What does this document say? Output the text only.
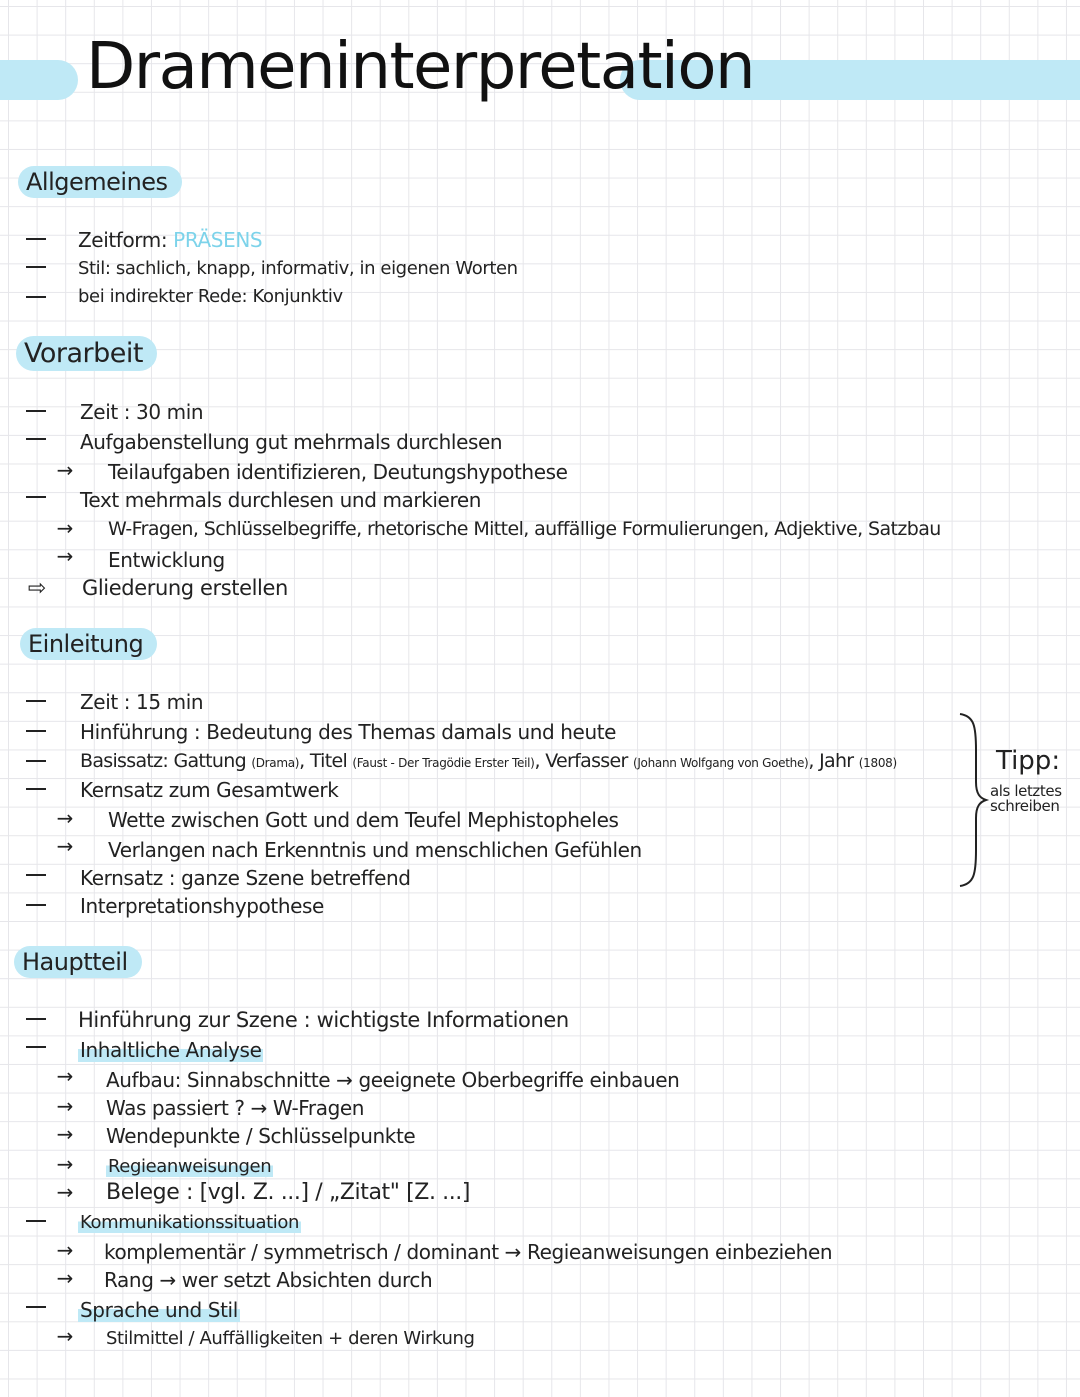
Drameninterpretation
Allgemeines
Zeitform: PRÄSENS
Stil: sachlich, knapp, informativ, in eigenen Worten
bei indirekter Rede: Konjunktiv
Vorarbeit
Zeit : 30 min
Aufgabenstellung gut mehrmals durchlesen
→	Teilaufgaben identifizieren, Deutungshypothese
Text mehrmals durchlesen und markieren
→	W-Fragen, Schlüsselbegriffe, rhetorische Mittel, auffällige Formulierungen, Adjektive, Satzbau
→	Entwicklung
⇨ Gliederung erstellen
Einleitung
Zeit : 15 min
Hinführung : Bedeutung des Themas damals und heute
Basissatz: Gattung (Drama), Titel (Faust - Der Tragödie Erster Teil), Verfasser (Johann Wolfgang von Goethe), Jahr (1808)
Kernsatz zum Gesamtwerk
→	Wette zwischen Gott und dem Teufel Mephistopheles
→	Verlangen nach Erkenntnis und menschlichen Gefühlen
Kernsatz : ganze Szene betreffend
Interpretationshypothese
Tipp:
als letztes schreiben
Hauptteil
Hinführung zur Szene : wichtigste Informationen
Inhaltliche Analyse
→	Aufbau: Sinnabschnitte → geeignete Oberbegriffe einbauen
→	Was passiert ? → W-Fragen
→	Wendepunkte / Schlüsselpunkte
→	Regieanweisungen
→	Belege : [vgl. Z. ...] / „Zitat" [Z. ...]
Kommunikationssituation
→	komplementär / symmetrisch / dominant → Regieanweisungen einbeziehen
→	Rang → wer setzt Absichten durch
Sprache und Stil
→	Stilmittel / Auffälligkeiten + deren Wirkung
